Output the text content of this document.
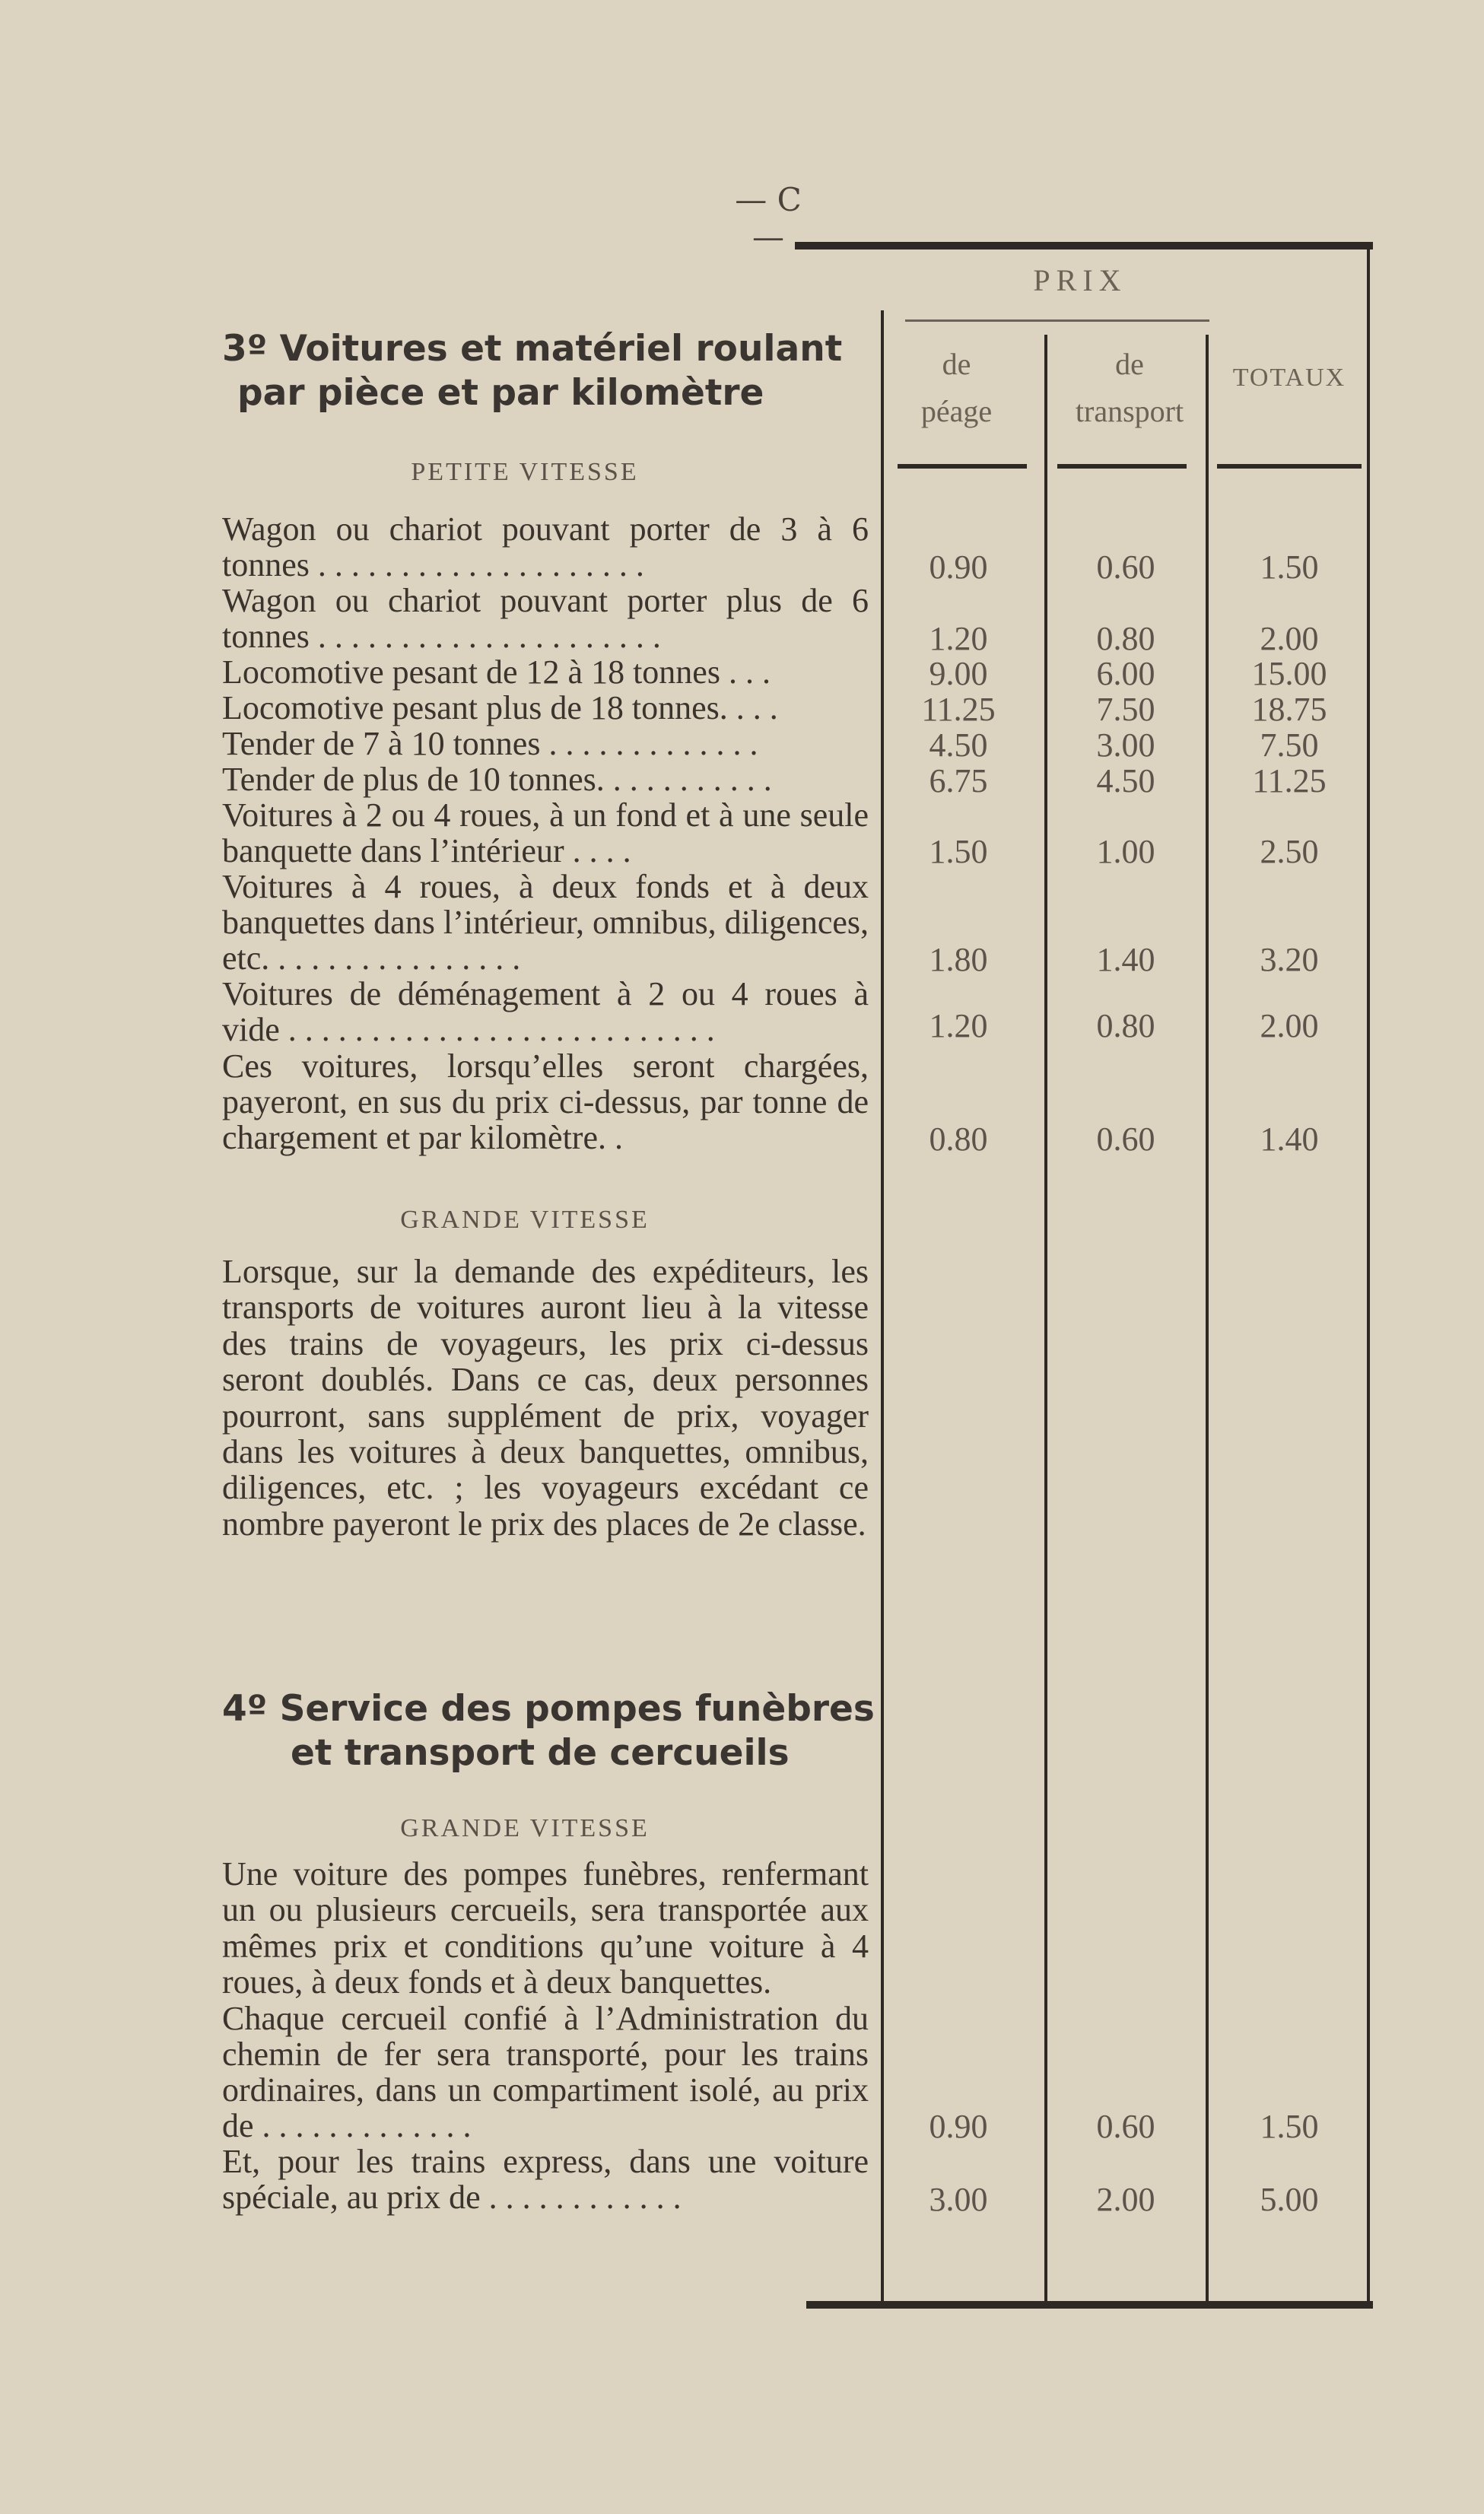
— C —
PRIX
de
péage
de
transport
TOTAUX
3º Voitures et matériel roulant
par pièce et par kilomètre
PETITE VITESSE
Wagon ou chariot pouvant porter de 3 à 6 tonnes . . . . . . . . . . . . . . . . . . . .	0.90	0.60	1.50
Wagon ou chariot pouvant porter plus de 6 tonnes . . . . . . . . . . . . . . . . . . . . .	1.20	0.80	2.00
Locomotive pesant de 12 à 18 tonnes . . .	9.00	6.00	15.00
Locomotive pesant plus de 18 tonnes. . . .	11.25	7.50	18.75
Tender de 7 à 10 tonnes . . . . . . . . . . . . .	4.50	3.00	7.50
Tender de plus de 10 tonnes. . . . . . . . . . .	6.75	4.50	11.25
Voitures à 2 ou 4 roues, à un fond et à une seule banquette dans l’intérieur . . . .	1.50	1.00	2.50
Voitures à 4 roues, à deux fonds et à deux banquettes dans l’intérieur, omnibus, diligences, etc. . . . . . . . . . . . . . . .	1.80	1.40	3.20
Voitures de déménagement à 2 ou 4 roues à vide . . . . . . . . . . . . . . . . . . . . . . . . . .	1.20	0.80	2.00
Ces voitures, lorsqu’elles seront chargées, payeront, en sus du prix ci-dessus, par tonne de chargement et par kilomètre. .	0.80	0.60	1.40
GRANDE VITESSE
Lorsque, sur la demande des expéditeurs, les transports de voitures auront lieu à la vitesse des trains de voyageurs, les prix ci-dessus seront doublés. Dans ce cas, deux personnes pourront, sans supplément de prix, voyager dans les voitures à deux banquettes, omnibus, diligences, etc. ; les voyageurs excédant ce nombre payeront le prix des places de 2e classe.
4º Service des pompes funèbres
et transport de cercueils
GRANDE VITESSE
Une voiture des pompes funèbres, renfermant un ou plusieurs cercueils, sera transportée aux mêmes prix et conditions qu’une voiture à 4 roues, à deux fonds et à deux banquettes.
Chaque cercueil confié à l’Administration du chemin de fer sera transporté, pour les trains ordinaires, dans un compartiment isolé, au prix de . . . . . . . . . . . . .	0.90	0.60	1.50
Et, pour les trains express, dans une voiture spéciale, au prix de . . . . . . . . . . . .	3.00	2.00	5.00
